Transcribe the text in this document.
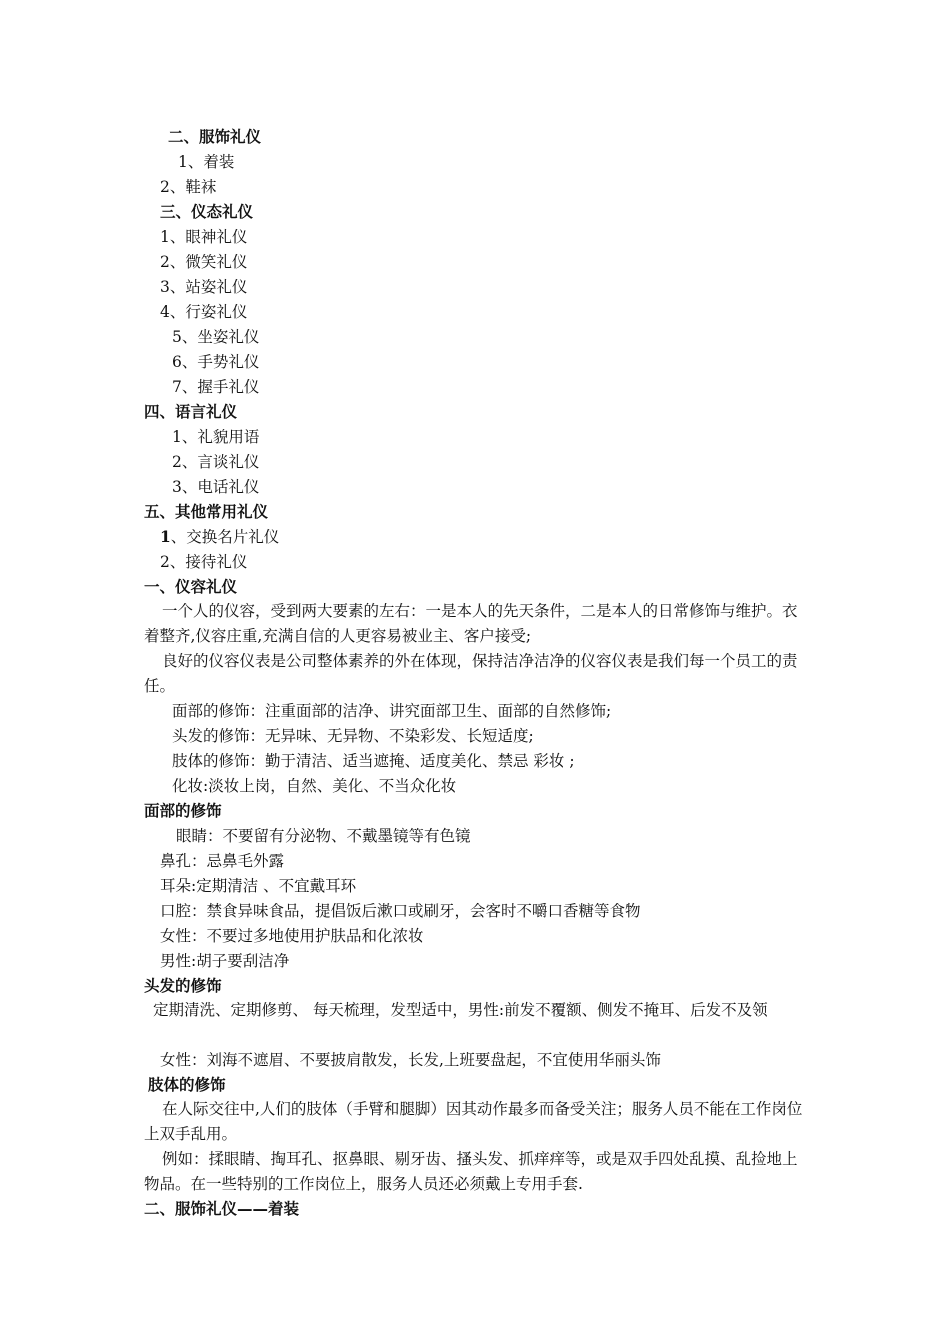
二、服饰礼仪
1、着装
2、鞋袜
三、仪态礼仪
1、眼神礼仪
2、微笑礼仪
3、站姿礼仪
4、行姿礼仪
5、坐姿礼仪
6、手势礼仪
7、握手礼仪
四、语言礼仪
1、礼貌用语
2、言谈礼仪
3、电话礼仪
五、其他常用礼仪
1、交换名片礼仪
2、接待礼仪
一、仪容礼仪
一个人的仪容，受到两大要素的左右：一是本人的先天条件，二是本人的日常修饰与维护。衣着整齐,仪容庄重,充满自信的人更容易被业主、客户接受;
良好的仪容仪表是公司整体素养的外在体现，保持洁净洁净的仪容仪表是我们每一个员工的责任。
面部的修饰：注重面部的洁净、讲究面部卫生、面部的自然修饰;
头发的修饰：无异味、无异物、不染彩发、长短适度;
肢体的修饰：勤于清洁、适当遮掩、适度美化、禁忌 彩妆 ;
化妆:淡妆上岗，自然、美化、不当众化妆
面部的修饰
眼睛：不要留有分泌物、不戴墨镜等有色镜
鼻孔：忌鼻毛外露
耳朵:定期清洁 、不宜戴耳环
口腔：禁食异味食品，提倡饭后漱口或刷牙，会客时不嚼口香糖等食物
女性：不要过多地使用护肤品和化浓妆
男性:胡子要刮洁净
头发的修饰
定期清洗、定期修剪、 每天梳理，发型适中，男性:前发不覆额、侧发不掩耳、后发不及领
女性：刘海不遮眉、不要披肩散发，长发,上班要盘起，不宜使用华丽头饰
肢体的修饰
在人际交往中,人们的肢体（手臂和腿脚）因其动作最多而备受关注；服务人员不能在工作岗位上双手乱用。
例如：揉眼睛、掏耳孔、抠鼻眼、剔牙齿、搔头发、抓痒痒等，或是双手四处乱摸、乱捡地上物品。在一些特别的工作岗位上，服务人员还必须戴上专用手套.
二、服饰礼仪——着装
